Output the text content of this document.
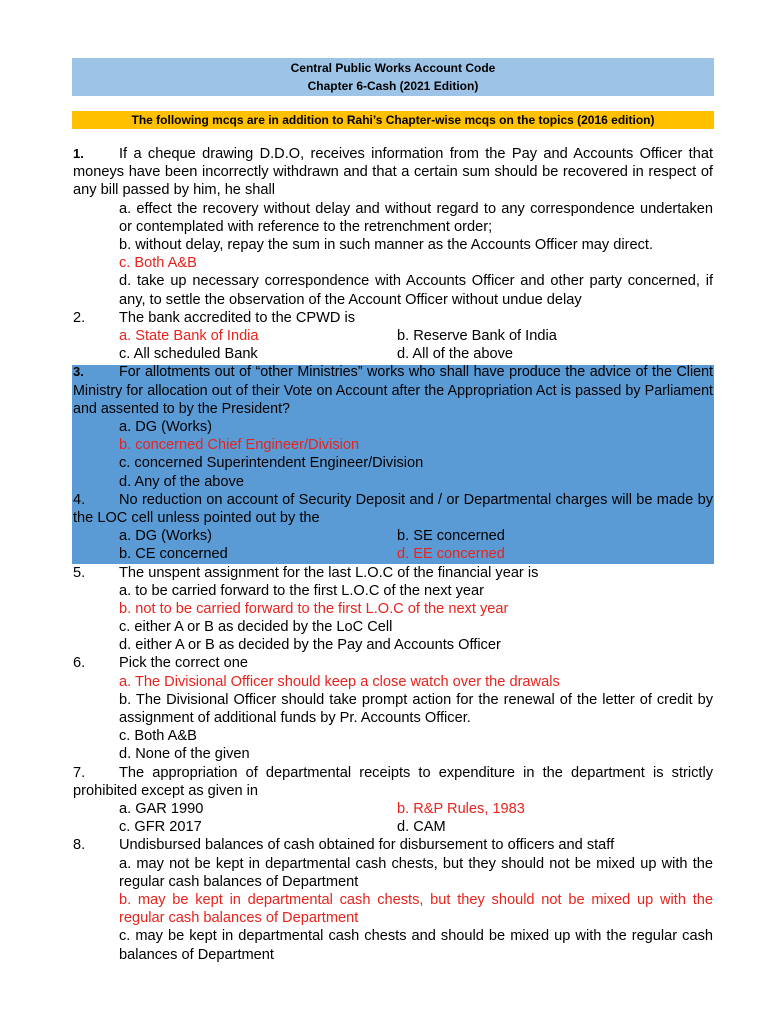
Central Public Works Account Code
Chapter 6-Cash (2021 Edition)
The following mcqs are in addition to Rahi’s Chapter-wise mcqs on the topics (2016 edition)
1. If a cheque drawing D.D.O, receives information from the Pay and Accounts Officer that moneys have been incorrectly withdrawn and that a certain sum should be recovered in respect of any bill passed by him, he shall
a. effect the recovery without delay and without regard to any correspondence undertaken or contemplated with reference to the retrenchment order;
b. without delay, repay the sum in such manner as the Accounts Officer may direct.
c. Both A&B
d. take up necessary correspondence with Accounts Officer and other party concerned, if any, to settle the observation of the Account Officer without undue delay
2. The bank accredited to the CPWD is
a. State Bank of India	b. Reserve Bank of India
c. All scheduled Bank	d. All of the above
3. For allotments out of “other Ministries” works who shall have produce the advice of the Client Ministry for allocation out of their Vote on Account after the Appropriation Act is passed by Parliament and assented to by the President?
a. DG (Works)
b. concerned Chief Engineer/Division
c. concerned Superintendent Engineer/Division
d. Any of the above
4. No reduction on account of Security Deposit and / or Departmental charges will be made by the LOC cell unless pointed out by the
a. DG (Works)	b. SE concerned
b. CE concerned	d. EE concerned
5. The unspent assignment for the last L.O.C of the financial year is
a. to be carried forward to the first L.O.C of the next year
b. not to be carried forward to the first L.O.C of the next year
c. either A or B as decided by the LoC Cell
d. either A or B as decided by the Pay and Accounts Officer
6. Pick the correct one
a. The Divisional Officer should keep a close watch over the drawals
b. The Divisional Officer should take prompt action for the renewal of the letter of credit by assignment of additional funds by Pr. Accounts Officer.
c. Both A&B
d. None of the given
7. The appropriation of departmental receipts to expenditure in the department is strictly prohibited except as given in
a. GAR 1990	b. R&P Rules, 1983
c. GFR 2017	d. CAM
8. Undisbursed balances of cash obtained for disbursement to officers and staff
a. may not be kept in departmental cash chests, but they should not be mixed up with the regular cash balances of Department
b. may be kept in departmental cash chests, but they should not be mixed up with the regular cash balances of Department
c. may be kept in departmental cash chests and should be mixed up with the regular cash balances of Department
